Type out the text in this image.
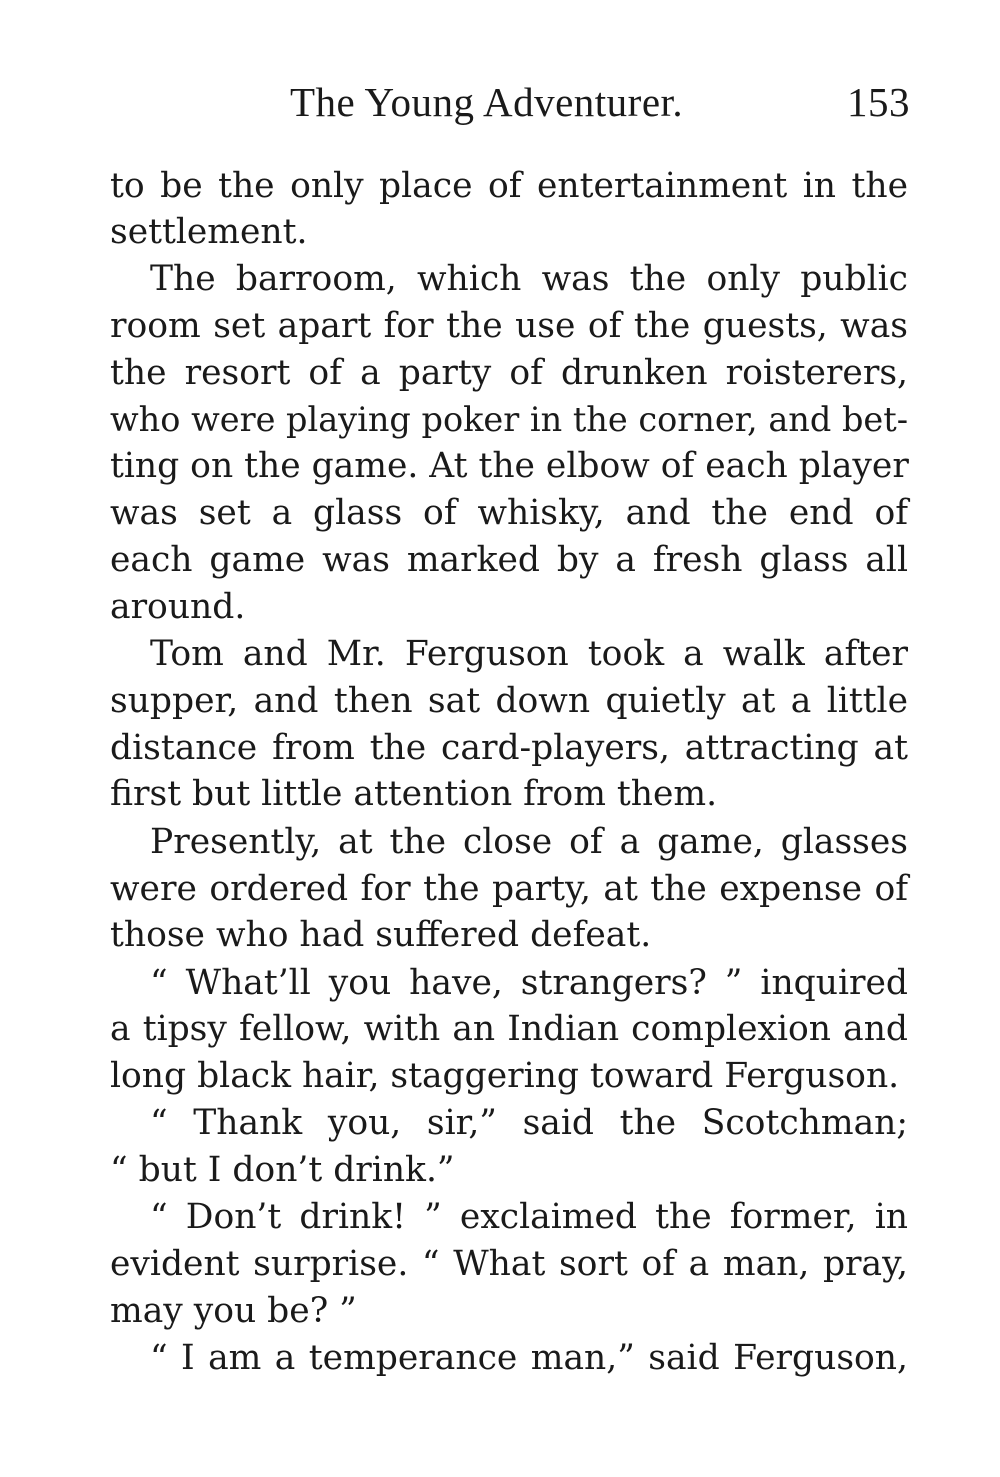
The Young Adventurer.	153
to be the only place of entertainment in the
settlement.
The barroom, which was the only public
room set apart for the use of the guests, was
the resort of a party of drunken roisterers,
who were playing poker in the corner, and bet-
ting on the game. At the elbow of each player
was set a glass of whisky, and the end of
each game was marked by a fresh glass all
around.
Tom and Mr. Ferguson took a walk after
supper, and then sat down quietly at a little
distance from the card-players, attracting at
first but little attention from them.
Presently, at the close of a game, glasses
were ordered for the party, at the expense of
those who had suffered defeat.
“ What’ll you have, strangers? ” inquired
a tipsy fellow, with an Indian complexion and
long black hair, staggering toward Ferguson.
“ Thank you, sir,” said the Scotchman;
“ but I don’t drink.”
“ Don’t drink! ” exclaimed the former, in
evident surprise. “ What sort of a man, pray,
may you be? ”
“ I am a temperance man,” said Ferguson,
